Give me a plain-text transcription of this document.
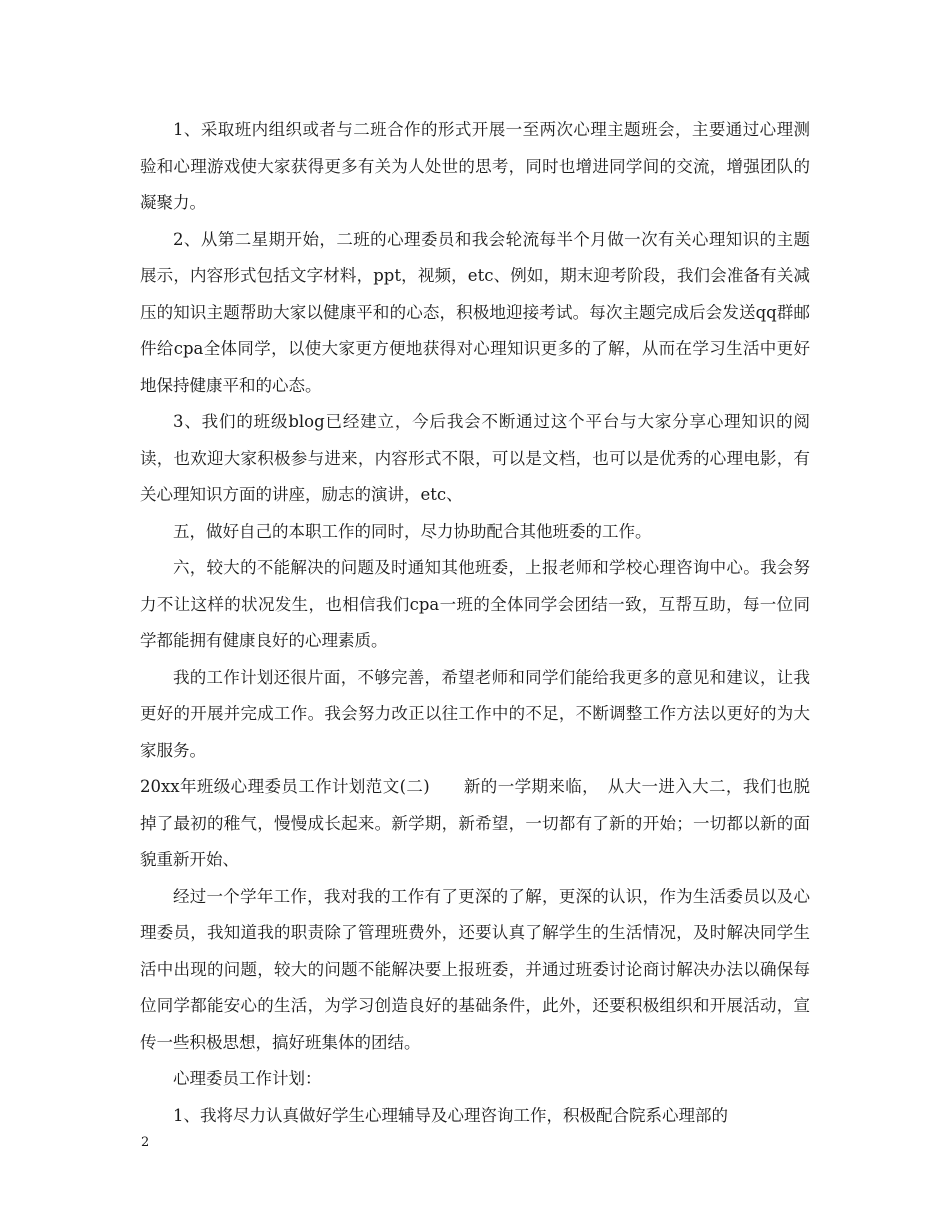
1、采取班内组织或者与二班合作的形式开展一至两次心理主题班会，主要通过心理测验和心理游戏使大家获得更多有关为人处世的思考，同时也增进同学间的交流，增强团队的凝聚力。

2、从第二星期开始，二班的心理委员和我会轮流每半个月做一次有关心理知识的主题展示，内容形式包括文字材料，ppt，视频，etc、例如，期末迎考阶段，我们会准备有关减压的知识主题帮助大家以健康平和的心态，积极地迎接考试。每次主题完成后会发送qq群邮件给cpa全体同学，以使大家更方便地获得对心理知识更多的了解，从而在学习生活中更好地保持健康平和的心态。

3、我们的班级blog已经建立，今后我会不断通过这个平台与大家分享心理知识的阅读，也欢迎大家积极参与进来，内容形式不限，可以是文档，也可以是优秀的心理电影，有关心理知识方面的讲座，励志的演讲，etc、

五，做好自己的本职工作的同时，尽力协助配合其他班委的工作。

六，较大的不能解决的问题及时通知其他班委，上报老师和学校心理咨询中心。我会努力不让这样的状况发生，也相信我们cpa一班的全体同学会团结一致，互帮互助，每一位同学都能拥有健康良好的心理素质。

我的工作计划还很片面，不够完善，希望老师和同学们能给我更多的意见和建议，让我更好的开展并完成工作。我会努力改正以往工作中的不足，不断调整工作方法以更好的为大家服务。

20xx年班级心理委员工作计划范文(二)　　新的一学期来临，　从大一进入大二，我们也脱掉了最初的稚气，慢慢成长起来。新学期，新希望，一切都有了新的开始；一切都以新的面貌重新开始、

经过一个学年工作，我对我的工作有了更深的了解，更深的认识，作为生活委员以及心理委员，我知道我的职责除了管理班费外，还要认真了解学生的生活情况，及时解决同学生活中出现的问题，较大的问题不能解决要上报班委，并通过班委讨论商讨解决办法以确保每位同学都能安心的生活，为学习创造良好的基础条件，此外，还要积极组织和开展活动，宣传一些积极思想，搞好班集体的团结。

心理委员工作计划：

1、我将尽力认真做好学生心理辅导及心理咨询工作，积极配合院系心理部的

2
